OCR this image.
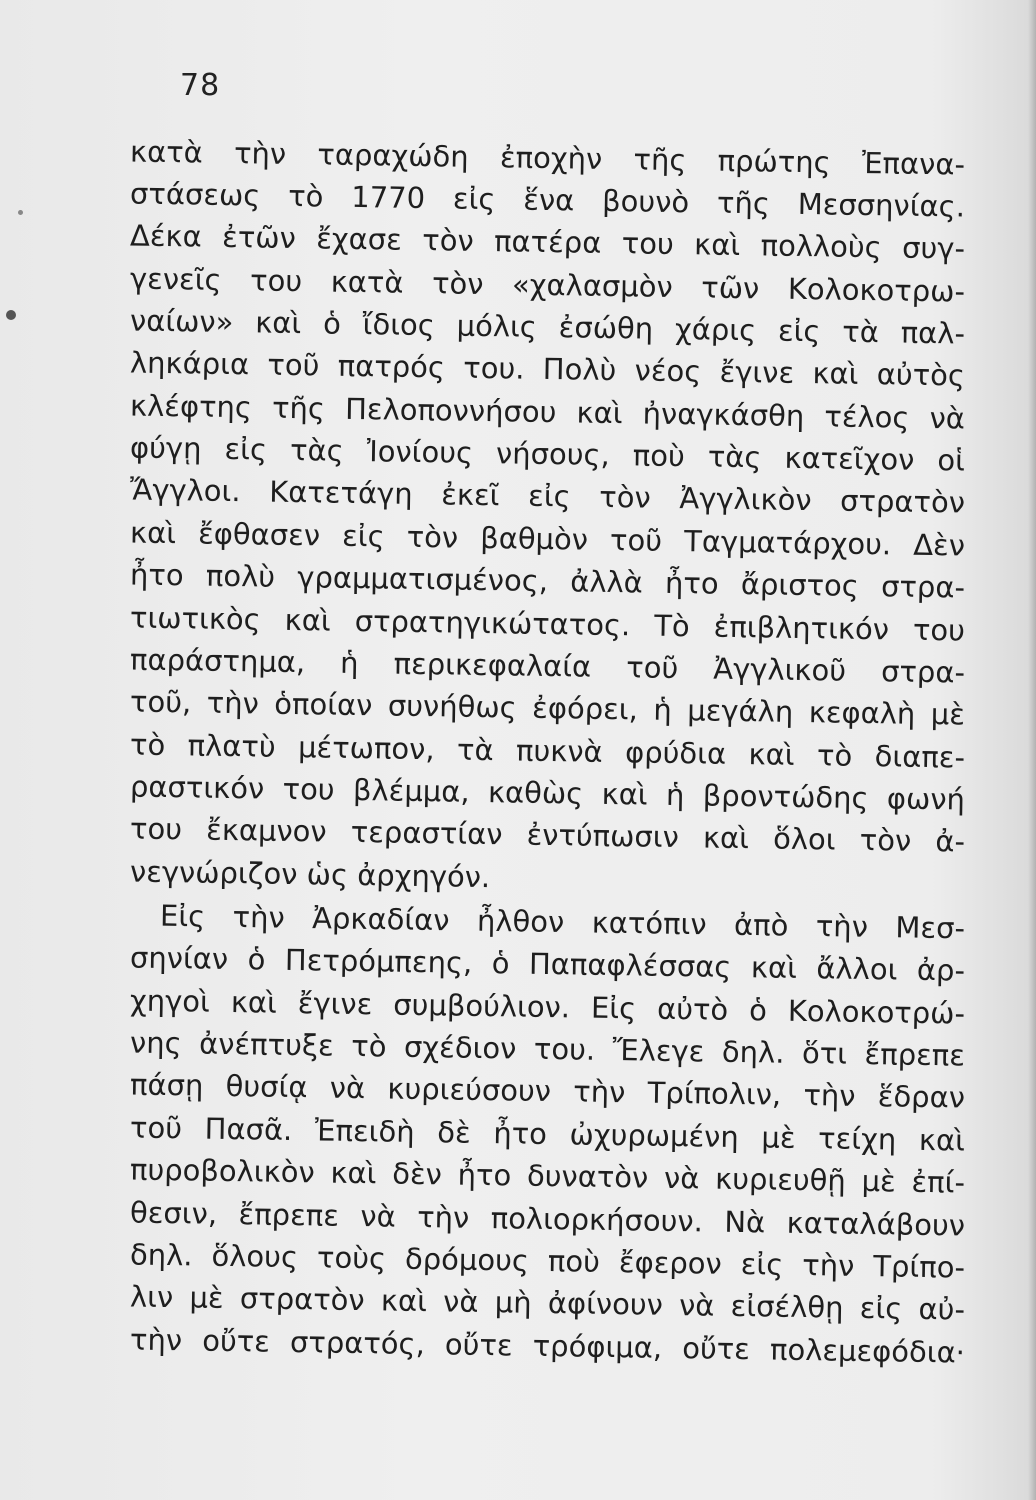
78
κατὰ τὴν ταραχώδη ἐποχὴν τῆς πρώτης Ἐπανα-
στάσεως τὸ 1770 εἰς ἕνα βουνὸ τῆς Μεσσηνίας.
Δέκα ἐτῶν ἔχασε τὸν πατέρα του καὶ πολλοὺς συγ-
γενεῖς του κατὰ τὸν «χαλασμὸν τῶν Κολοκοτρω-
ναίων» καὶ ὁ ἴδιος μόλις ἐσώθη χάρις εἰς τὰ παλ-
ληκάρια τοῦ πατρός του. Πολὺ νέος ἔγινε καὶ αὐτὸς
κλέφτης τῆς Πελοποννήσου καὶ ἠναγκάσθη τέλος νὰ
φύγῃ εἰς τὰς Ἰονίους νήσους, ποὺ τὰς κατεῖχον οἱ
Ἄγγλοι. Κατετάγη ἐκεῖ εἰς τὸν Ἀγγλικὸν στρατὸν
καὶ ἔφθασεν εἰς τὸν βαθμὸν τοῦ Ταγματάρχου. Δὲν
ἦτο πολὺ γραμματισμένος, ἀλλὰ ἦτο ἄριστος στρα-
τιωτικὸς καὶ στρατηγικώτατος. Τὸ ἐπιβλητικόν του
παράστημα, ἡ περικεφαλαία τοῦ Ἀγγλικοῦ στρα-
τοῦ, τὴν ὁποίαν συνήθως ἐφόρει, ἡ μεγάλη κεφαλὴ μὲ
τὸ πλατὺ μέτωπον, τὰ πυκνὰ φρύδια καὶ τὸ διαπε-
ραστικόν του βλέμμα, καθὼς καὶ ἡ βροντώδης φωνή
του ἔκαμνον τεραστίαν ἐντύπωσιν καὶ ὅλοι τὸν ἀ-
νεγνώριζον ὡς ἀρχηγόν.
Εἰς τὴν Ἀρκαδίαν ἦλθον κατόπιν ἀπὸ τὴν Μεσ-
σηνίαν ὁ Πετρόμπεης, ὁ Παπαφλέσσας καὶ ἄλλοι ἀρ-
χηγοὶ καὶ ἔγινε συμβούλιον. Εἰς αὐτὸ ὁ Κολοκοτρώ-
νης ἀνέπτυξε τὸ σχέδιον του. Ἔλεγε δηλ. ὅτι ἔπρεπε
πάσῃ θυσίᾳ νὰ κυριεύσουν τὴν Τρίπολιν, τὴν ἕδραν
τοῦ Πασᾶ. Ἐπειδὴ δὲ ἦτο ὠχυρωμένη μὲ τείχη καὶ
πυροβολικὸν καὶ δὲν ἦτο δυνατὸν νὰ κυριευθῇ μὲ ἐπί-
θεσιν, ἔπρεπε νὰ τὴν πολιορκήσουν. Νὰ καταλάβουν
δηλ. ὅλους τοὺς δρόμους ποὺ ἔφερον εἰς τὴν Τρίπο-
λιν μὲ στρατὸν καὶ νὰ μὴ ἀφίνουν νὰ εἰσέλθῃ εἰς αὐ-
τὴν οὔτε στρατός, οὔτε τρόφιμα, οὔτε πολεμεφόδια·
